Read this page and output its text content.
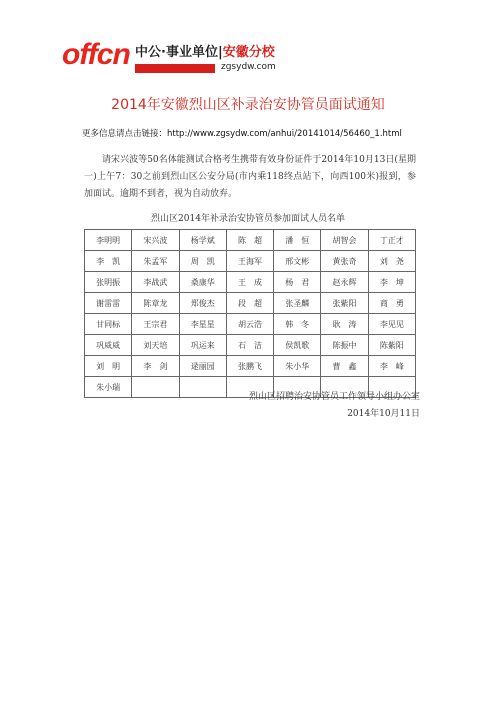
offcn 中公·事业单位|安徽分校
zgsydw.com
2014年安徽烈山区补录治安协管员面试通知
更多信息请点击链接：http://www.zgsydw.com/anhui/20141014/56460_1.html
请宋兴波等50名体能测试合格考生携带有效身份证件于2014年10月13日(星期一)上午7：30之前到烈山区公安分局(市内乘118终点站下，向西100米)报到，参加面试。逾期不到者，视为自动放弃。
烈山区2014年补录治安协管员参加面试人员名单
李明明	宋兴波	杨学斌	陈　超	潘　恒	胡智会	丁正才
李　凯	朱孟军	周　凯	王海军	邢文彬	黄张奇	刘　尧
张明振	李战武	桑康华	王　成	杨　君	赵永辉	李　坤
谢雷雷	陈章龙	郑俊杰	段　超	张圣麟	张紫阳	商　勇
甘同标	王宗君	李星星	胡云浩	韩　冬	耿　涛	李见见
巩威威	刘天培	巩运来	石　洁	侯凯歌	陈振中	陈紫阳
刘　明	李　剑	逯丽园	张鹏飞	朱小华	曹　鑫	李　峰
朱小瑞						
烈山区招聘治安协管员工作领导小组办公室
2014年10月11日
